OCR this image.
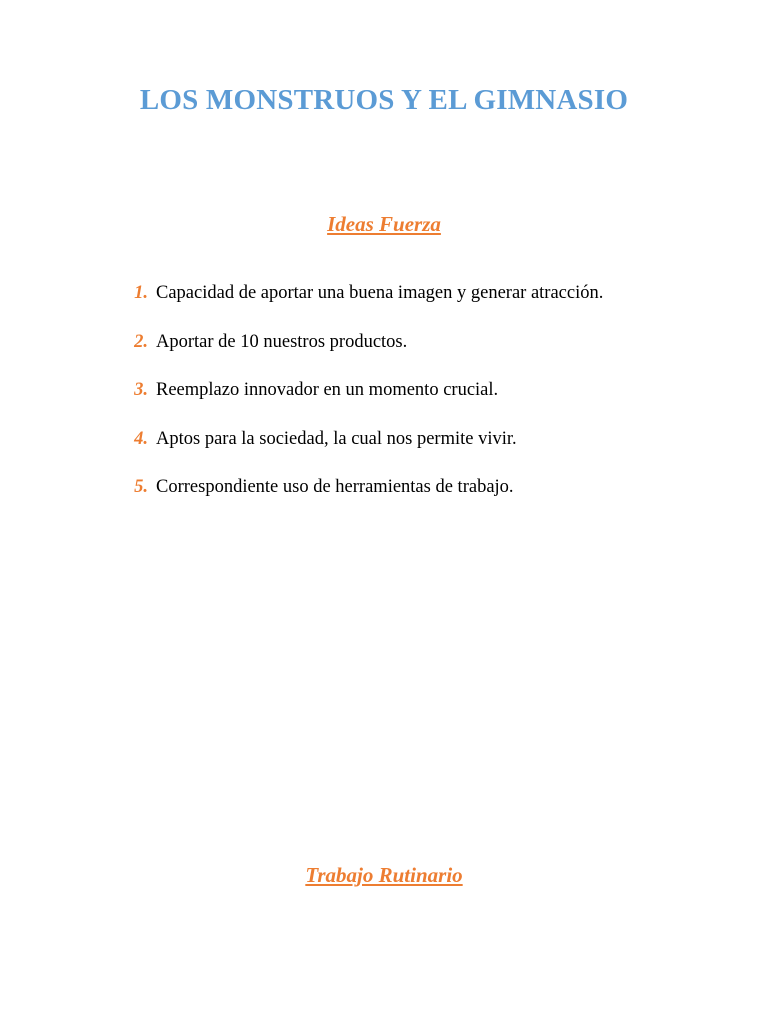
LOS MONSTRUOS Y EL GIMNASIO
Ideas Fuerza
1. Capacidad de aportar una buena imagen y generar atracción.
2. Aportar de 10 nuestros productos.
3. Reemplazo innovador en un momento crucial.
4. Aptos para la sociedad, la cual nos permite vivir.
5. Correspondiente uso de herramientas de trabajo.
Trabajo Rutinario
